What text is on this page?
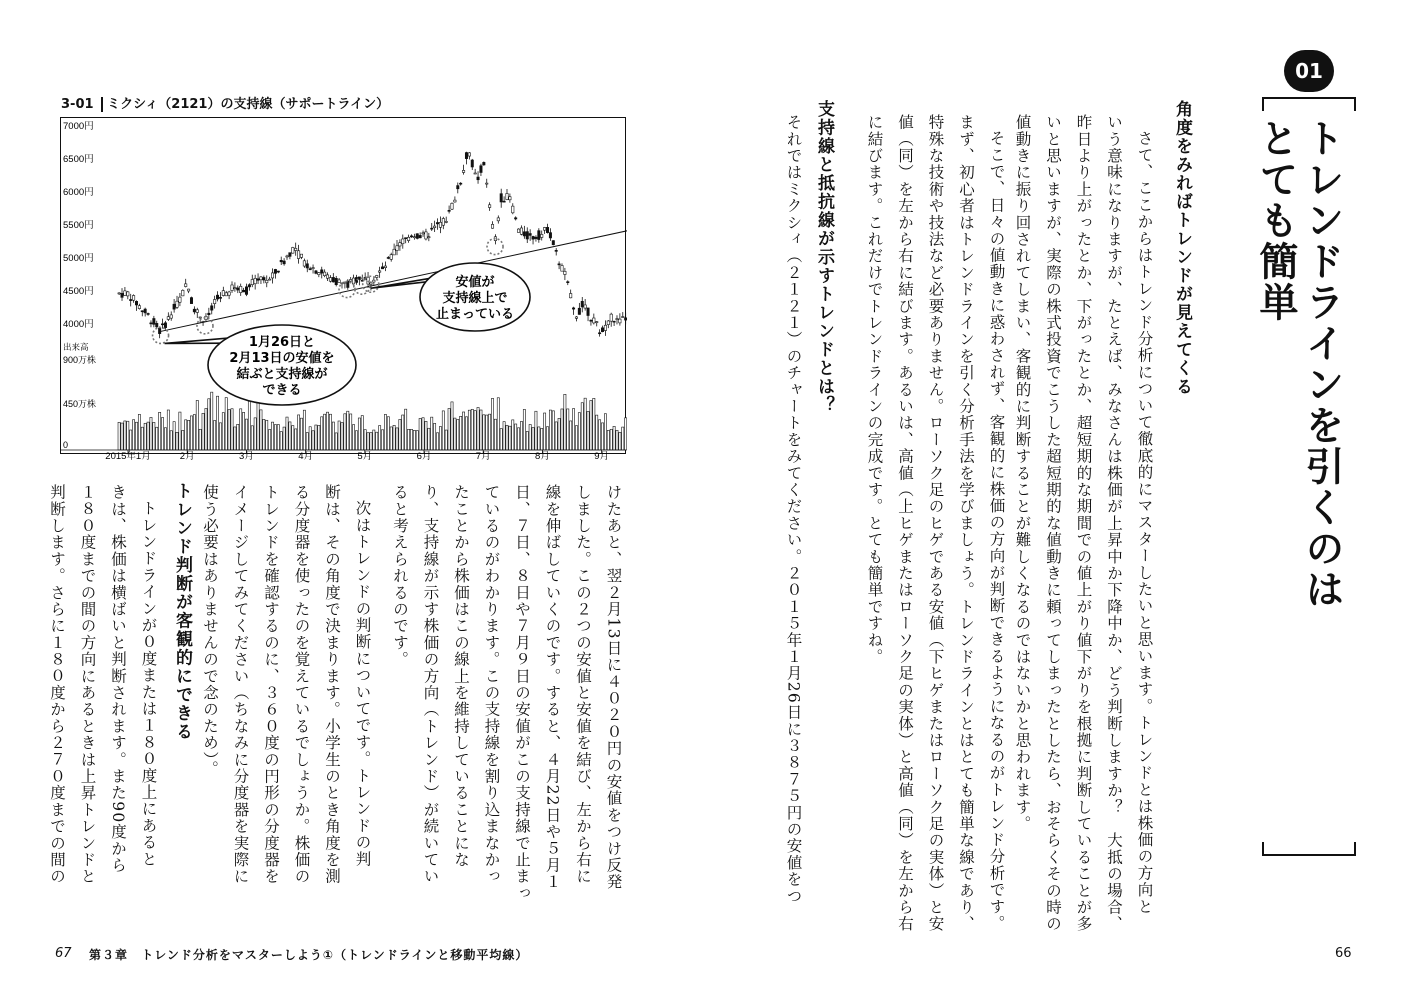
01
トレンドラインを引くのは
とても簡単
角度をみればトレンドが見えてくる
さて、ここからはトレンド分析について徹底的にマスターしたいと思います。トレンドとは株価の方向と
いう意味になりますが、たとえば、みなさんは株価が上昇中か下降中か、どう判断しますか？　大抵の場合、
昨日より上がったとか、下がったとか、超短期的な期間での値上がり値下がりを根拠に判断していることが多
いと思いますが、実際の株式投資でこうした超短期的な値動きに頼ってしまったとしたら、おそらくその時の
値動きに振り回されてしまい、客観的に判断することが難しくなるのではないかと思われます。
そこで、日々の値動きに惑わされず、客観的に株価の方向が判断できるようになるのがトレンド分析です。
まず、初心者はトレンドラインを引く分析手法を学びましょう。トレンドラインとはとても簡単な線であり、
特殊な技術や技法など必要ありません。ローソク足のヒゲである安値（下ヒゲまたはローソク足の実体）と安
値（同）を左から右に結びます。あるいは、高値（上ヒゲまたはローソク足の実体）と高値（同）を左から右
に結びます。これだけでトレンドラインの完成です。とても簡単ですね。
支持線と抵抗線が示すトレンドとは？
それではミクシィ（２１２１）のチャートをみてください。２０１５年１月26日に３８７５円の安値をつ
66
3-01 ミクシィ（2121）の支持線（サポートライン）
7000円
6500円
6000円
5500円
5000円
4500円
4000円
出来高
900万株
450万株
0
2015年1月	2月	3月	4月	5月	6月	7月	8月	9月
1月26日と
2月13日の安値を
結ぶと支持線が
できる
安値が
支持線上で
止まっている
けたあと、翌２月13日に４０２０円の安値をつけ反発
しました。この２つの安値と安値を結び、左から右に
線を伸ばしていくのです。すると、４月22日や５月１
日、７日、８日や７月９日の安値がこの支持線で止まっ
ているのがわかります。この支持線を割り込まなかっ
たことから株価はこの線上を維持していることにな
り、支持線が示す株価の方向（トレンド）が続いてい
ると考えられるのです。
次はトレンドの判断についてです。トレンドの判
断は、その角度で決まります。小学生のとき角度を測
る分度器を使ったのを覚えているでしょうか。株価の
トレンドを確認するのに、３６０度の円形の分度器を
イメージしてみてください（ちなみに分度器を実際に
使う必要はありませんので念のため）。
トレンド判断が客観的にできる
トレンドラインが０度または１８０度上にあると
きは、株価は横ばいと判断されます。また90度から
１８０度までの間の方向にあるときは上昇トレンドと
判断します。さらに１８０度から２７０度までの間の
67 第３章 トレンド分析をマスターしよう①（トレンドラインと移動平均線）
